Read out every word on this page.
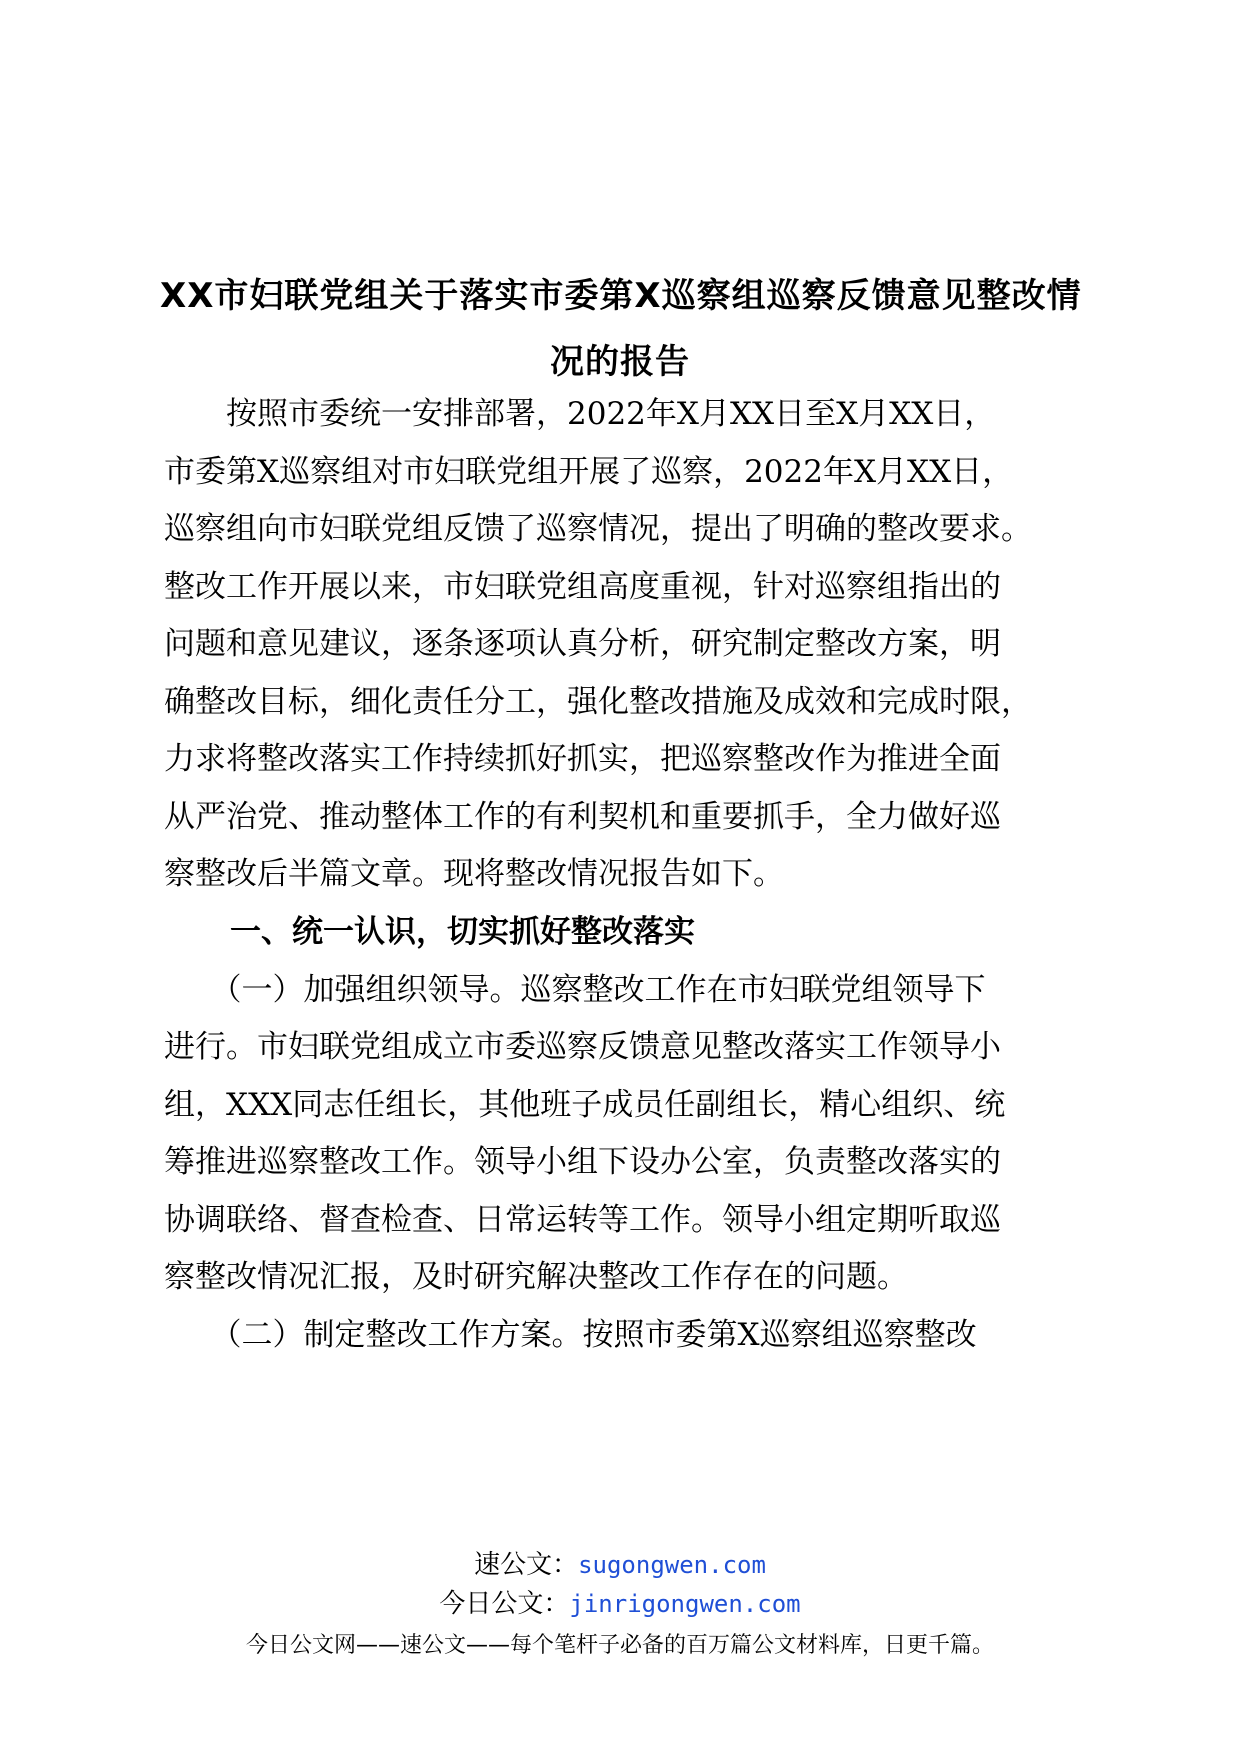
XX市妇联党组关于落实市委第X巡察组巡察反馈意见整改情
况的报告
　　按照市委统一安排部署，2022年X月XX日至X月XX日，
市委第X巡察组对市妇联党组开展了巡察，2022年X月XX日，
巡察组向市妇联党组反馈了巡察情况，提出了明确的整改要求。
整改工作开展以来，市妇联党组高度重视，针对巡察组指出的
问题和意见建议，逐条逐项认真分析，研究制定整改方案，明
确整改目标，细化责任分工，强化整改措施及成效和完成时限，
力求将整改落实工作持续抓好抓实，把巡察整改作为推进全面
从严治党、推动整体工作的有利契机和重要抓手，全力做好巡
察整改后半篇文章。现将整改情况报告如下。
一、统一认识，切实抓好整改落实
　　（一）加强组织领导。巡察整改工作在市妇联党组领导下
进行。市妇联党组成立市委巡察反馈意见整改落实工作领导小
组，XXX同志任组长，其他班子成员任副组长，精心组织、统
筹推进巡察整改工作。领导小组下设办公室，负责整改落实的
协调联络、督查检查、日常运转等工作。领导小组定期听取巡
察整改情况汇报，及时研究解决整改工作存在的问题。
　　（二）制定整改工作方案。按照市委第X巡察组巡察整改
速公文：sugongwen.com
今日公文：jinrigongwen.com
今日公文网——速公文——每个笔杆子必备的百万篇公文材料库，日更千篇。
